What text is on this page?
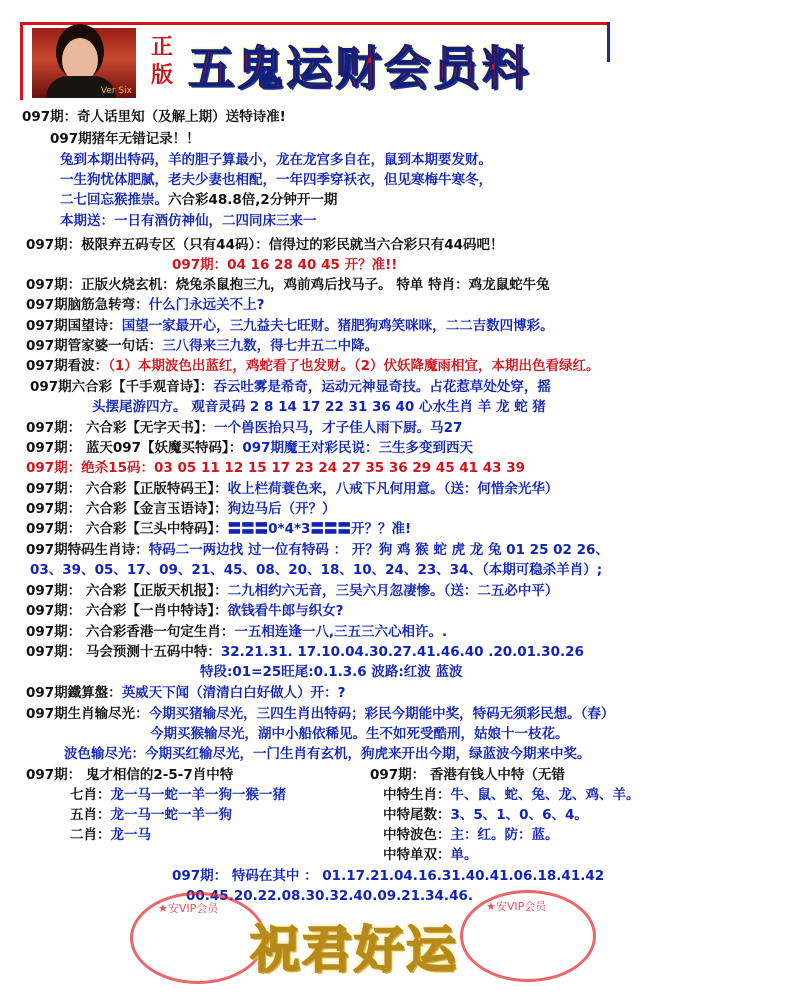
Ver Six
正版 五鬼运财会员料
097期：奇人话里知（及解上期）送特诗准!
097期猪年无错记录！！
兔到本期出特码，羊的胆子算最小，龙在龙宫多自在，鼠到本期要发财。
一生狗忧体肥腻，老夫少妻也相配，一年四季穿袄衣，但见寒梅牛寒冬，
二七回忘猴推崇。六合彩48.8倍,2分钟开一期
本期送：一日有酒仿神仙，二四同床三来一
097期：极限弃五码专区（只有44码）：信得过的彩民就当六合彩只有44码吧！
097期：04 16 28 40 45 开？准!!
097期：正版火烧玄机：烧兔杀鼠抱三九，鸡前鸡后找马子。 特单 特肖：鸡龙鼠蛇牛兔
097期脑筋急转弯：什么门永远关不上?
097期国望诗：国望一家最开心，三九益夫七旺财。猪肥狗鸡笑咪咪，二二吉数四博彩。
097期管家婆一句话：三八得来三九数，得七井五二中降。
097期看波：（1）本期波色出蓝红，鸡蛇看了也发财。（2）伏妖降魔雨相宜，本期出色看绿红。
097期六合彩【千手观音诗】：吞云吐雾是希奇，运动元神显奇技。占花惹草处处穿，摇
头摆尾游四方。 观音灵码 2 8 14 17 22 31 36 40 心水生肖 羊 龙 蛇 猪
097期： 六合彩【无字天书】：一个兽医抬只马，才子佳人雨下厨。马27
097期： 蓝天097【妖魔买特码】：097期魔王对彩民说：三生多变到西天
097期：绝杀15码：03 05 11 12 15 17 23 24 27 35 36 29 45 41 43 39
097期： 六合彩【正版特码王】：收上栏荷蓑色来，八戒下凡何用意。（送：何惜余光华）
097期： 六合彩【金言玉语诗】：狗边马后（开？）
097期： 六合彩【三头中特码】：〓〓〓0*4*3〓〓〓开？？准!
097期特码生肖诗：特码二一两边找 过一位有特码 ： 开？狗 鸡 猴 蛇 虎 龙 兔 01 25 02 26、
03、39、05、17、09、21、45、08、20、18、10、24、23、34、（本期可稳杀羊肖）;
097期： 六合彩【正版天机报】：二九相约六无音，三吴六月忽凄惨。（送：二五必中平）
097期： 六合彩【一肖中特诗】：欲钱看牛郎与织女?
097期： 六合彩香港一句定生肖：一五相连逢一八,三五三六心相许。.
097期： 马会预测十五码中特：32.21.31. 17.10.04.30.27.41.46.40 .20.01.30.26
特段:01=25旺尾:0.1.3.6 波路:红波 蓝波
097期鐵算盤：英威天下闻（清清白白好做人）开：?
097期生肖输尽光：今期买猪输尽光，三四生肖出特码；彩民今期能中奖，特码无须彩民想。（春）
今期买猴输尽光，湖中小船依稀见。生不如死受酷刑，姑娘十一枝花。
波色输尽光：今期买红输尽光，一门生肖有玄机，狗虎来开出今期，绿蓝波今期来中奖。
097期： 鬼才相信的2-5-7肖中特	097期： 香港有钱人中特（无错
七肖：龙一马一蛇一羊一狗一猴一猪	中特生肖：牛、鼠、蛇、兔、龙、鸡、羊。
五肖：龙一马一蛇一羊一狗	中特尾数：3、5、1、0、6、4。
二肖：龙一马	中特波色：主：红。防：蓝。
中特单双：单。
097期： 特码在其中 ： 01.17.21.04.16.31.40.41.06.18.41.42
00.45.20.22.08.30.32.40.09.21.34.46.
★安VIP会员	★安VIP会员
祝君好运
